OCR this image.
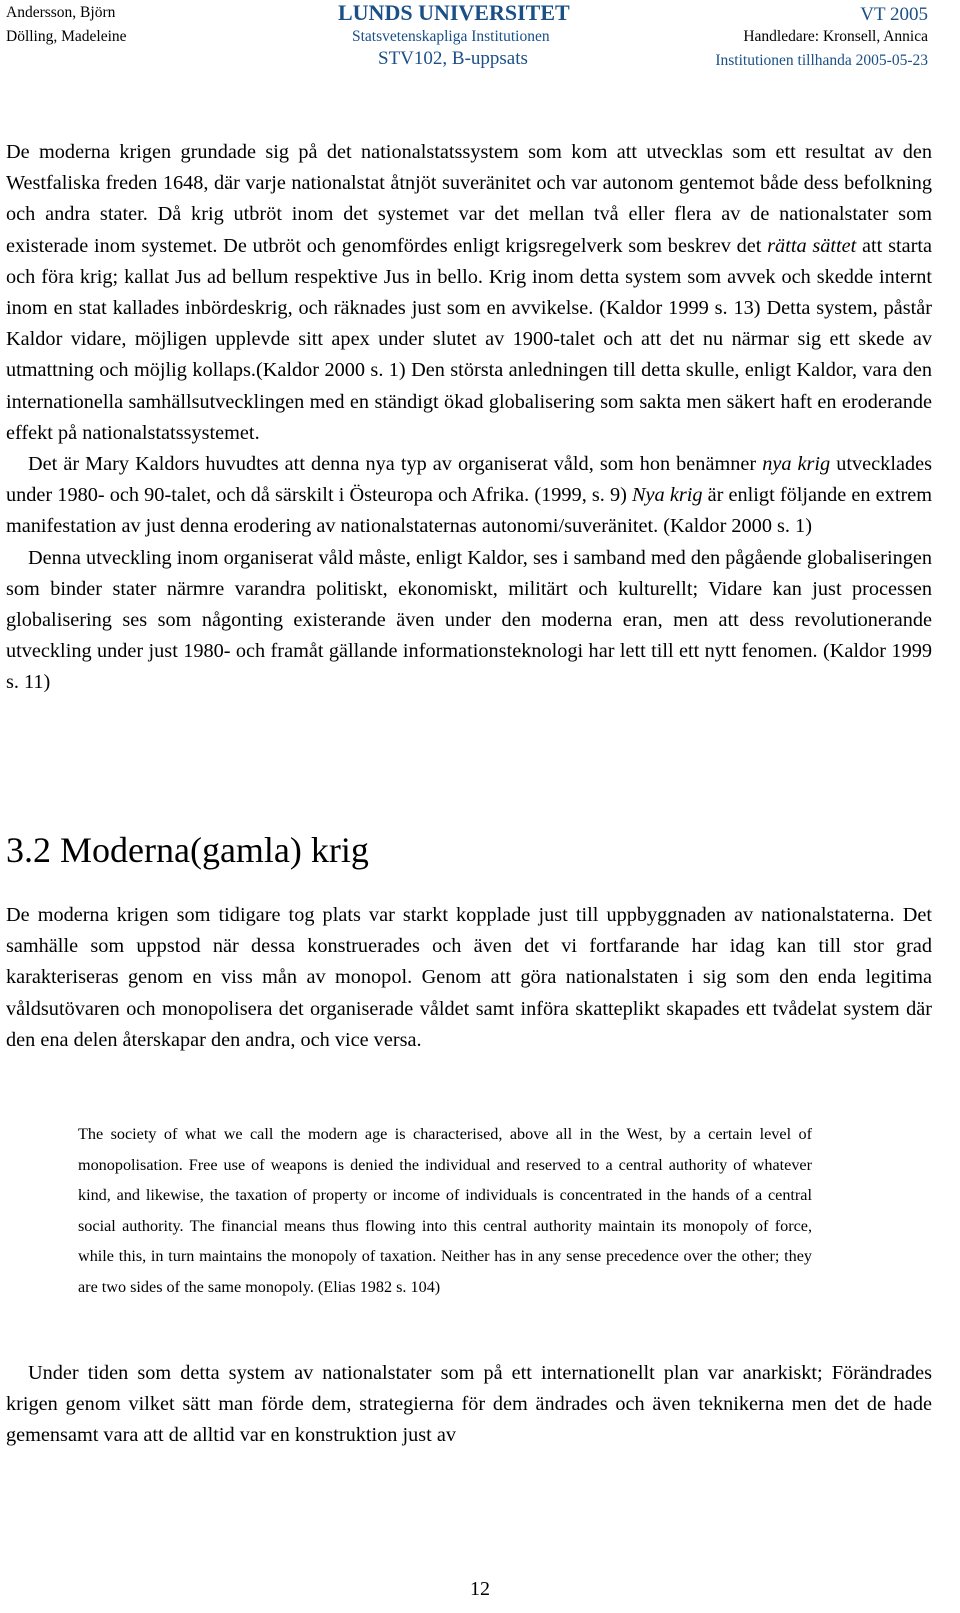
Andersson, Björn
Dölling, Madeleine
LUNDS UNIVERSITET
Statsvetenskapliga Institutionen
STV102, B-uppsats
VT 2005
Handledare: Kronsell, Annica
Institutionen tillhanda 2005-05-23

De moderna krigen grundade sig på det nationalstatssystem som kom att utvecklas som ett resultat av den Westfaliska freden 1648, där varje nationalstat åtnjöt suveränitet och var autonom gentemot både dess befolkning och andra stater. Då krig utbröt inom det systemet var det mellan två eller flera av de nationalstater som existerade inom systemet. De utbröt och genomfördes enligt krigsregelverk som beskrev det rätta sättet att starta och föra krig; kallat Jus ad bellum respektive Jus in bello. Krig inom detta system som avvek och skedde internt inom en stat kallades inbördeskrig, och räknades just som en avvikelse. (Kaldor 1999 s. 13) Detta system, påstår Kaldor vidare, möjligen upplevde sitt apex under slutet av 1900-talet och att det nu närmar sig ett skede av utmattning och möjlig kollaps.(Kaldor 2000 s. 1) Den största anledningen till detta skulle, enligt Kaldor, vara den internationella samhällsutvecklingen med en ständigt ökad globalisering som sakta men säkert haft en eroderande effekt på nationalstatssystemet.

Det är Mary Kaldors huvudtes att denna nya typ av organiserat våld, som hon benämner nya krig utvecklades under 1980- och 90-talet, och då särskilt i Östeuropa och Afrika. (1999, s. 9) Nya krig är enligt följande en extrem manifestation av just denna erodering av nationalstaternas autonomi/suveränitet. (Kaldor 2000 s. 1)

Denna utveckling inom organiserat våld måste, enligt Kaldor, ses i samband med den pågående globaliseringen som binder stater närmre varandra politiskt, ekonomiskt, militärt och kulturellt; Vidare kan just processen globalisering ses som någonting existerande även under den moderna eran, men att dess revolutionerande utveckling under just 1980- och framåt gällande informationsteknologi har lett till ett nytt fenomen. (Kaldor 1999 s. 11)

3.2 Moderna(gamla) krig

De moderna krigen som tidigare tog plats var starkt kopplade just till uppbyggnaden av nationalstaterna. Det samhälle som uppstod när dessa konstruerades och även det vi fortfarande har idag kan till stor grad karakteriseras genom en viss mån av monopol. Genom att göra nationalstaten i sig som den enda legitima våldsutövaren och monopolisera det organiserade våldet samt införa skatteplikt skapades ett tvådelat system där den ena delen återskapar den andra, och vice versa.

The society of what we call the modern age is characterised, above all in the West, by a certain level of monopolisation. Free use of weapons is denied the individual and reserved to a central authority of whatever kind, and likewise, the taxation of property or income of individuals is concentrated in the hands of a central social authority. The financial means thus flowing into this central authority maintain its monopoly of force, while this, in turn maintains the monopoly of taxation. Neither has in any sense precedence over the other; they are two sides of the same monopoly. (Elias 1982 s. 104)

Under tiden som detta system av nationalstater som på ett internationellt plan var anarkiskt; Förändrades krigen genom vilket sätt man förde dem, strategierna för dem ändrades och även teknikerna men det de hade gemensamt vara att de alltid var en konstruktion just av

12
